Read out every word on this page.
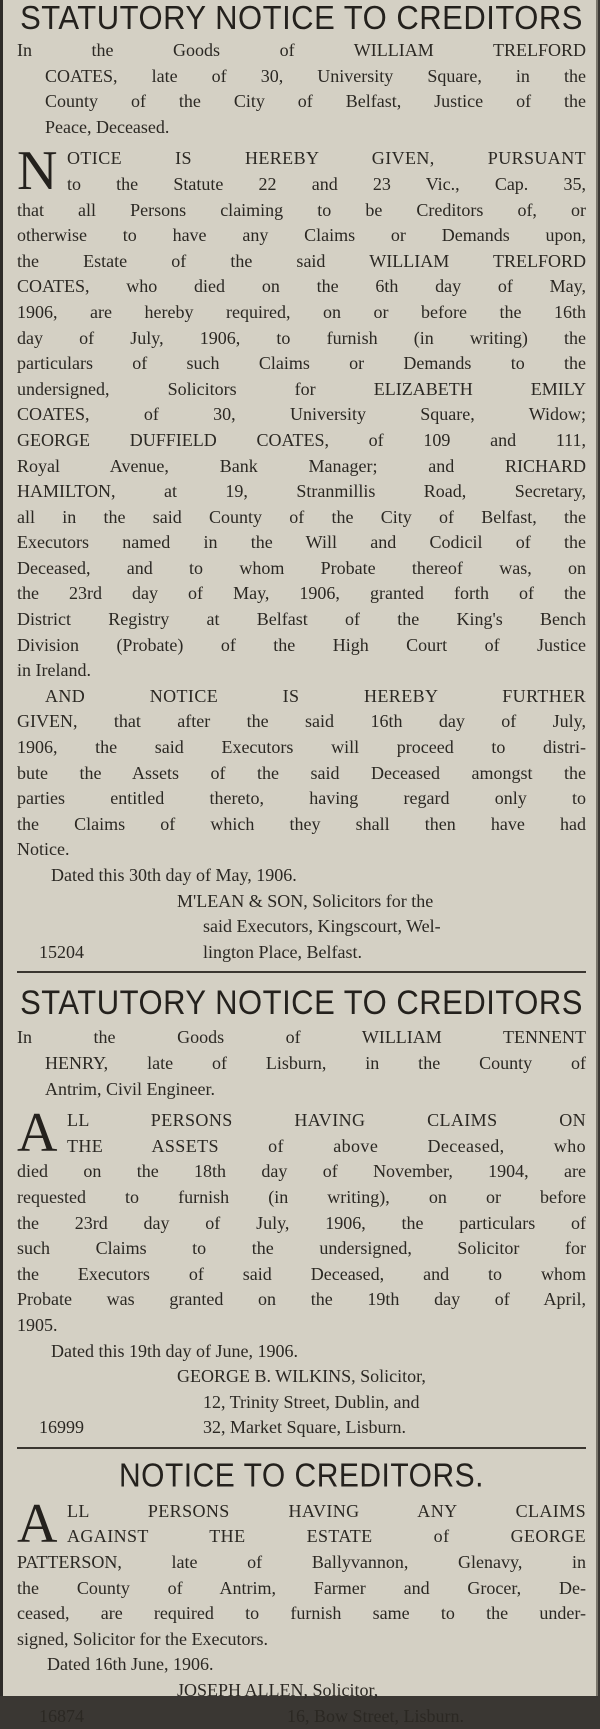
STATUTORY NOTICE TO CREDITORS
In the Goods of WILLIAM TRELFORD
COATES, late of 30, University Square, in the
County of the City of Belfast, Justice of the
Peace, Deceased.
N OTICE IS HEREBY GIVEN, PURSUANT
to the Statute 22 and 23 Vic., Cap. 35,
that all Persons claiming to be Creditors of, or
otherwise to have any Claims or Demands upon,
the Estate of the said WILLIAM TRELFORD
COATES, who died on the 6th day of May,
1906, are hereby required, on or before the 16th
day of July, 1906, to furnish (in writing) the
particulars of such Claims or Demands to the
undersigned, Solicitors for ELIZABETH EMILY
COATES, of 30, University Square, Widow;
GEORGE DUFFIELD COATES, of 109 and 111,
Royal Avenue, Bank Manager; and RICHARD
HAMILTON, at 19, Stranmillis Road, Secretary,
all in the said County of the City of Belfast, the
Executors named in the Will and Codicil of the
Deceased, and to whom Probate thereof was, on
the 23rd day of May, 1906, granted forth of the
District Registry at Belfast of the King's Bench
Division (Probate) of the High Court of Justice
in Ireland.
AND NOTICE IS HEREBY FURTHER
GIVEN, that after the said 16th day of July,
1906, the said Executors will proceed to distri-
bute the Assets of the said Deceased amongst the
parties entitled thereto, having regard only to
the Claims of which they shall then have had
Notice.
Dated this 30th day of May, 1906.
M'LEAN & SON, Solicitors for the
said Executors, Kingscourt, Wel-
15204	lington Place, Belfast.
STATUTORY NOTICE TO CREDITORS
In the Goods of WILLIAM TENNENT
HENRY, late of Lisburn, in the County of
Antrim, Civil Engineer.
A LL PERSONS HAVING CLAIMS ON
THE ASSETS of above Deceased, who
died on the 18th day of November, 1904, are
requested to furnish (in writing), on or before
the 23rd day of July, 1906, the particulars of
such Claims to the undersigned, Solicitor for
the Executors of said Deceased, and to whom
Probate was granted on the 19th day of April,
1905.
Dated this 19th day of June, 1906.
GEORGE B. WILKINS, Solicitor,
12, Trinity Street, Dublin, and
16999	32, Market Square, Lisburn.
NOTICE TO CREDITORS.
A LL PERSONS HAVING ANY CLAIMS
AGAINST THE ESTATE of GEORGE
PATTERSON, late of Ballyvannon, Glenavy, in
the County of Antrim, Farmer and Grocer, De-
ceased, are required to furnish same to the under-
signed, Solicitor for the Executors.
Dated 16th June, 1906.
JOSEPH ALLEN, Solicitor,
16874	16, Bow Street, Lisburn.
